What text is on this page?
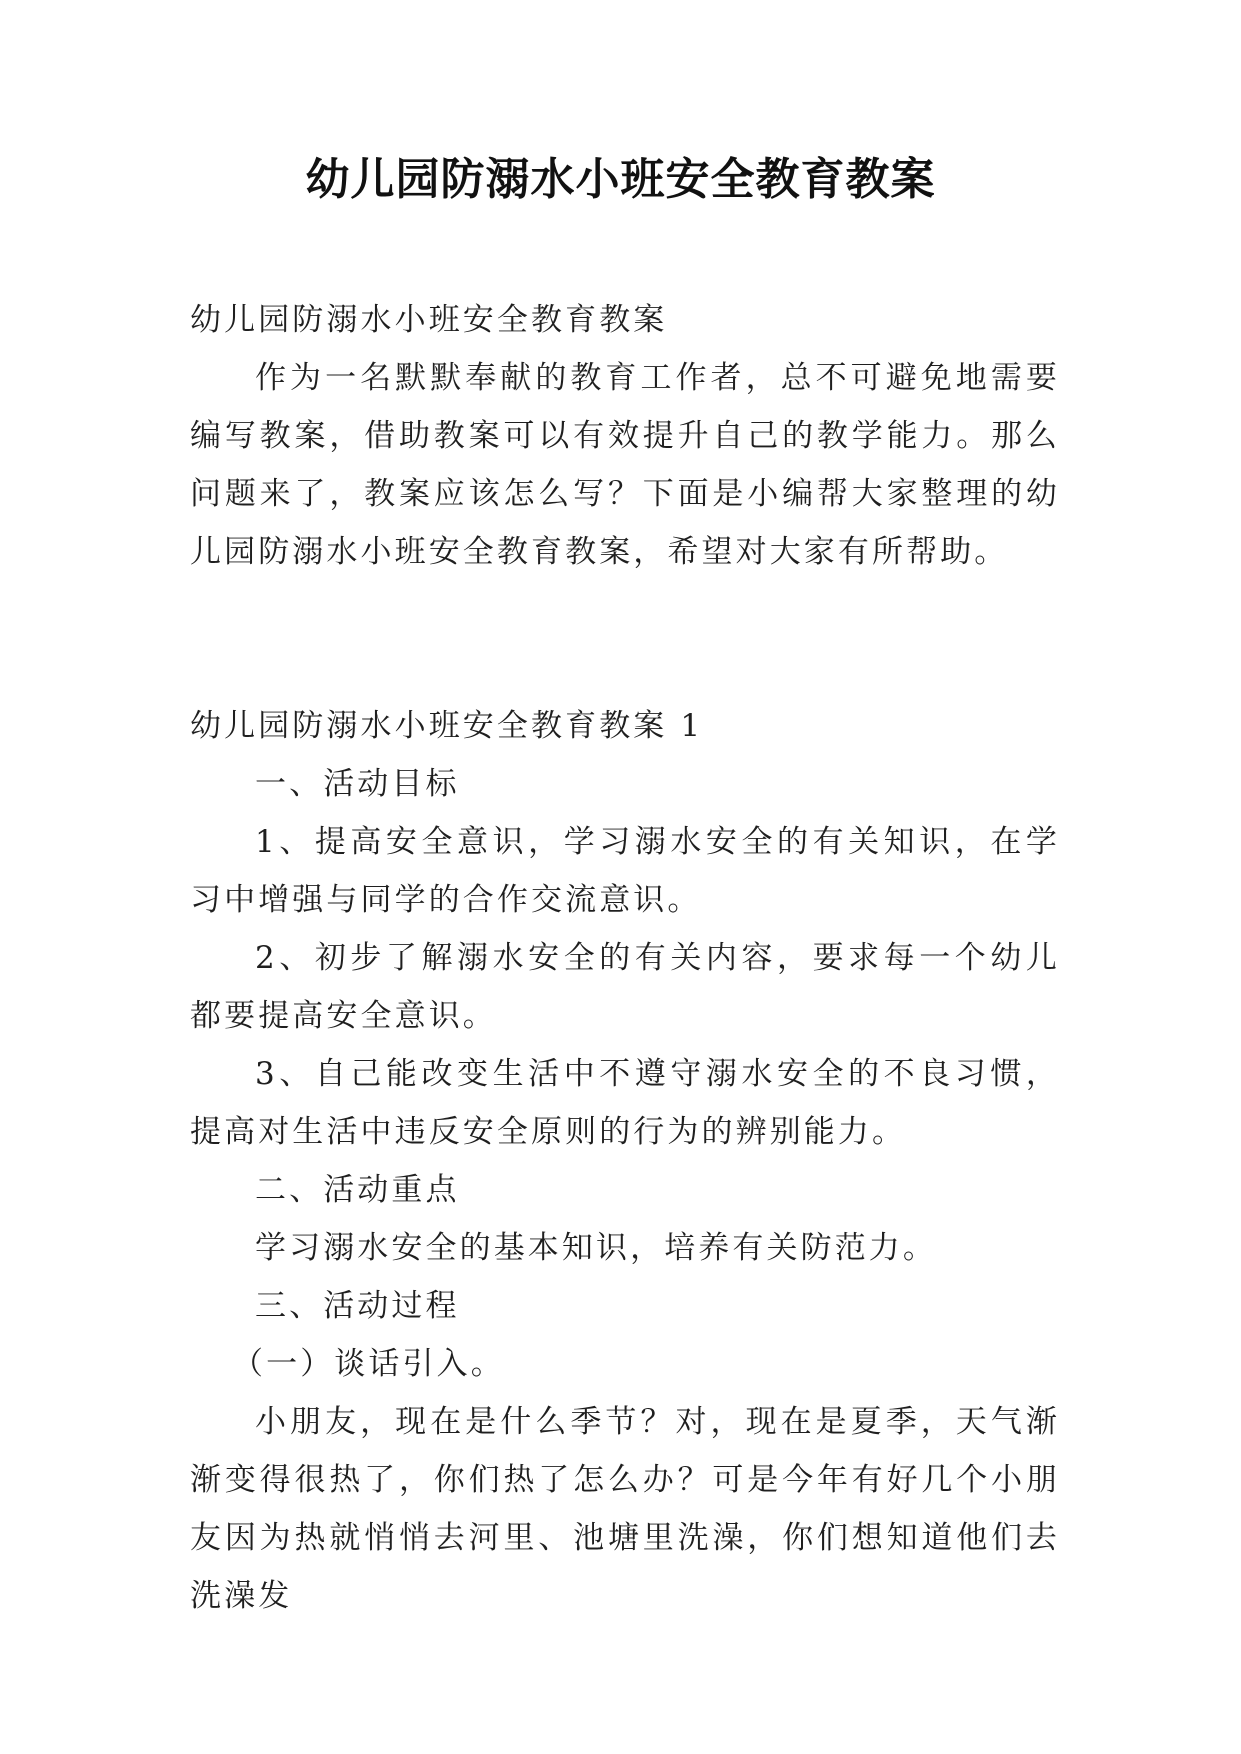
幼儿园防溺水小班安全教育教案

幼儿园防溺水小班安全教育教案

作为一名默默奉献的教育工作者，总不可避免地需要编写教案，借助教案可以有效提升自己的教学能力。那么问题来了，教案应该怎么写？下面是小编帮大家整理的幼儿园防溺水小班安全教育教案，希望对大家有所帮助。

幼儿园防溺水小班安全教育教案 1

一、活动目标

1、提高安全意识，学习溺水安全的有关知识，在学习中增强与同学的合作交流意识。

2、初步了解溺水安全的有关内容，要求每一个幼儿都要提高安全意识。

3、自己能改变生活中不遵守溺水安全的不良习惯，提高对生活中违反安全原则的行为的辨别能力。

二、活动重点

学习溺水安全的基本知识，培养有关防范力。

三、活动过程

（一）谈话引入。

小朋友，现在是什么季节？对，现在是夏季，天气渐渐变得很热了，你们热了怎么办？可是今年有好几个小朋友因为热就悄悄去河里、池塘里洗澡，你们想知道他们去洗澡发
